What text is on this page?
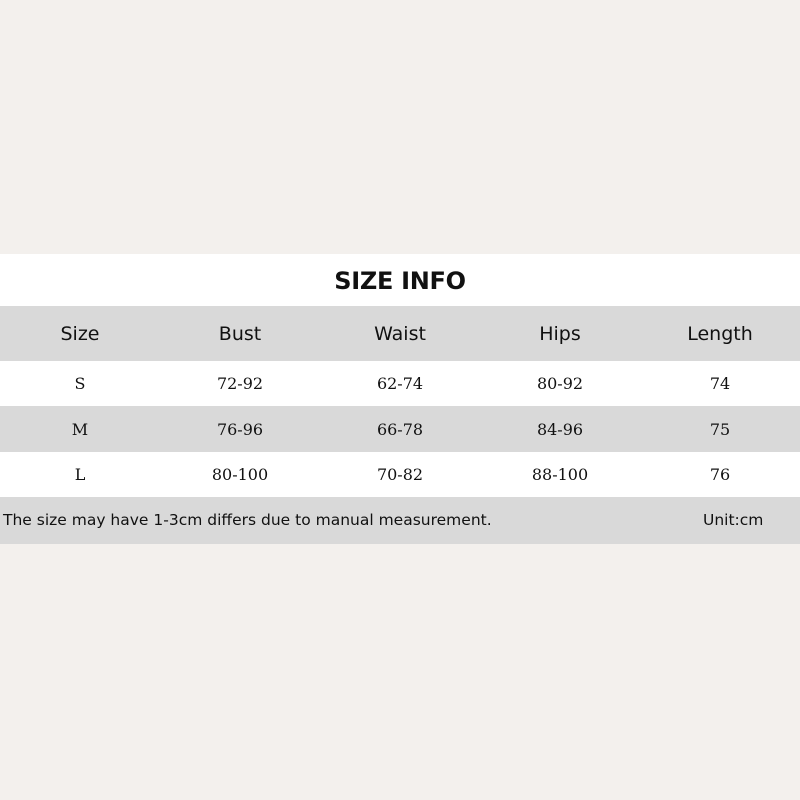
SIZE INFO
Size	Bust	Waist	Hips	Length
S	72-92	62-74	80-92	74
M	76-96	66-78	84-96	75
L	80-100	70-82	88-100	76
The size may have 1-3cm differs due to manual measurement.	Unit:cm
